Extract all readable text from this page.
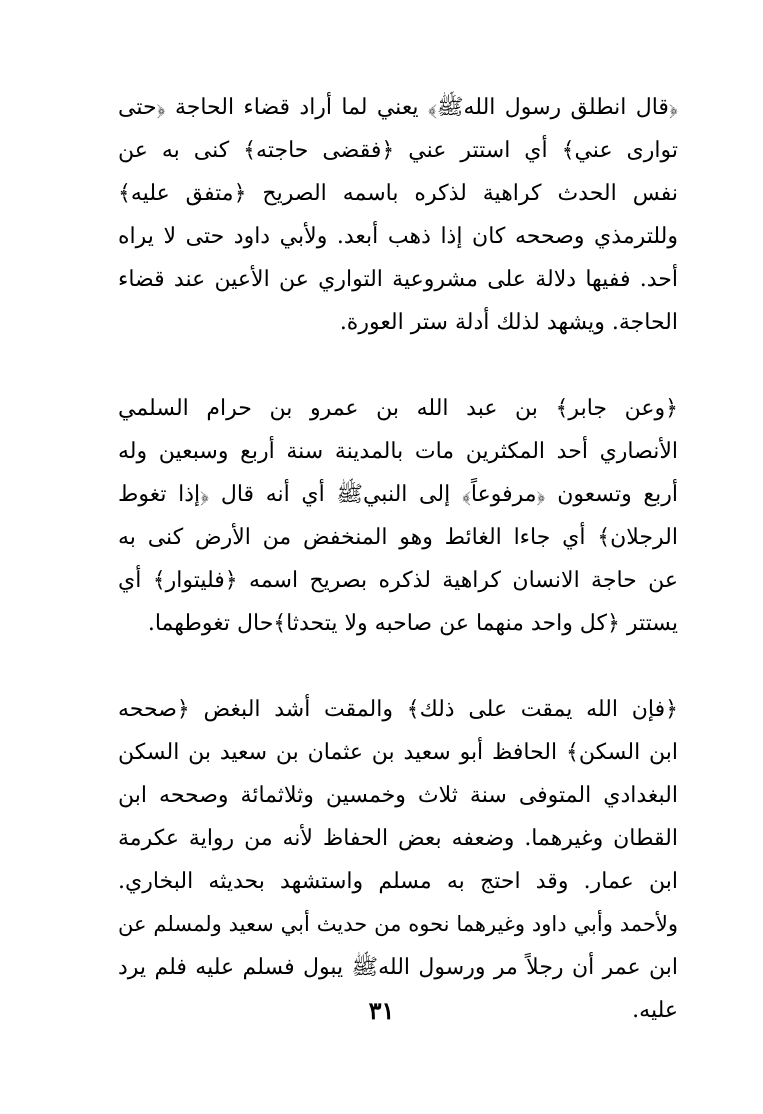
﴿قال انطلق رسول اللهﷺ﴾ يعني لما أراد قضاء الحاجة ﴿حتى
توارى عني﴾ أي استتر عني ﴿فقضى حاجته﴾ كنى به عن
نفس الحدث كراهية لذكره باسمه الصريح ﴿متفق عليه﴾
وللترمذي وصححه كان إذا ذهب أبعد. ولأبي داود حتى لا يراه
أحد. ففيها دلالة على مشروعية التواري عن الأعين عند قضاء
الحاجة. ويشهد لذلك أدلة ستر العورة.
﴿وعن جابر﴾ بن عبد الله بن عمرو بن حرام السلمي
الأنصاري أحد المكثرين مات بالمدينة سنة أربع وسبعين وله
أربع وتسعون ﴿مرفوعاً﴾ إلى النبيﷺ أي أنه قال ﴿إذا تغوط
الرجلان﴾ أي جاءا الغائط وهو المنخفض من الأرض كنى به
عن حاجة الانسان كراهية لذكره بصريح اسمه ﴿فليتوار﴾ أي
يستتر ﴿كل واحد منهما عن صاحبه ولا يتحدثا﴾حال تغوطهما.
﴿فإن الله يمقت على ذلك﴾ والمقت أشد البغض ﴿صححه
ابن السكن﴾ الحافظ أبو سعيد بن عثمان بن سعيد بن السكن
البغدادي المتوفى سنة ثلاث وخمسين وثلاثمائة وصححه ابن
القطان وغيرهما. وضعفه بعض الحفاظ لأنه من رواية عكرمة
ابن عمار. وقد احتج به مسلم واستشهد بحديثه البخاري.
ولأحمد وأبي داود وغيرهما نحوه من حديث أبي سعيد ولمسلم عن
ابن عمر أن رجلاً مر ورسول اللهﷺ يبول فسلم عليه فلم يرد
عليه.
٣١
